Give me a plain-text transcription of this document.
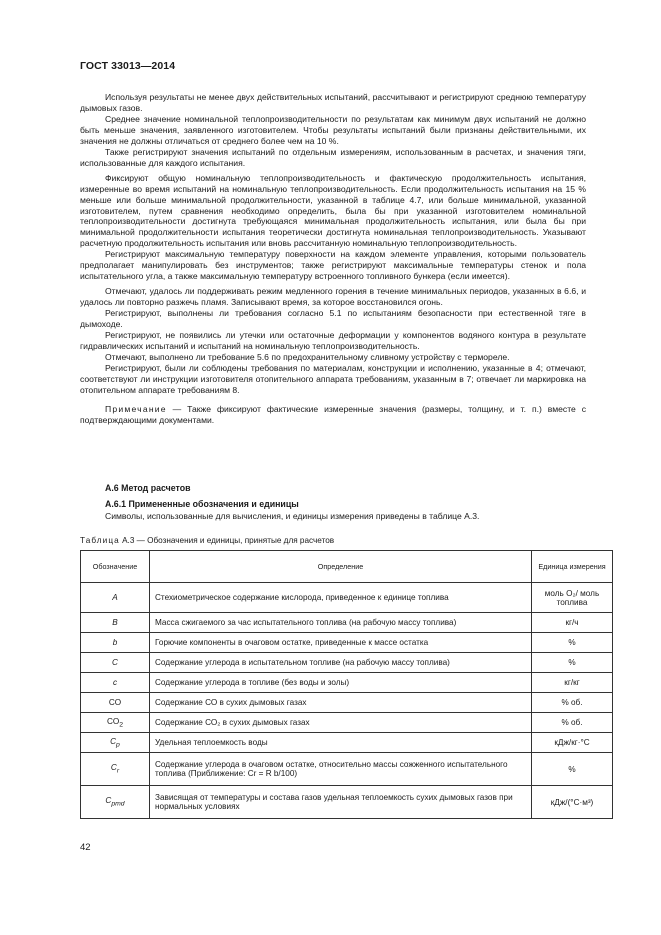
ГОСТ 33013—2014

Используя результаты не менее двух действительных испытаний, рассчитывают и регистрируют среднюю температуру дымовых газов.

Среднее значение номинальной теплопроизводительности по результатам как минимум двух испытаний не должно быть меньше значения, заявленного изготовителем. Чтобы результаты испытаний были признаны действительными, их значения не должны отличаться от среднего более чем на 10 %.

Также регистрируют значения испытаний по отдельным измерениям, использованным в расчетах, и значения тяги, использованные для каждого испытания.

Фиксируют общую номинальную теплопроизводительность и фактическую продолжительность испытания, измеренные во время испытаний на номинальную теплопроизводительность. Если продолжительность испытания на 15 % меньше или больше минимальной продолжительности, указанной в таблице 4.7, или больше минимальной, указанной изготовителем, путем сравнения необходимо определить, была бы при указанной изготовителем номинальной теплопроизводительности достигнута требующаяся минимальная продолжительность испытания, или была бы при минимальной продолжительности испытания теоретически достигнута номинальная теплопроизводительность. Указывают расчетную продолжительность испытания или вновь рассчитанную номинальную теплопроизводительность.

Регистрируют максимальную температуру поверхности на каждом элементе управления, которыми пользователь предполагает манипулировать без инструментов; также регистрируют максимальные температуры стенок и пола испытательного угла, а также максимальную температуру встроенного топливного бункера (если имеется).

Отмечают, удалось ли поддерживать режим медленного горения в течение минимальных периодов, указанных в 6.6, и удалось ли повторно разжечь пламя. Записывают время, за которое восстановился огонь.

Регистрируют, выполнены ли требования согласно 5.1 по испытаниям безопасности при естественной тяге в дымоходе.

Регистрируют, не появились ли утечки или остаточные деформации у компонентов водяного контура в результате гидравлических испытаний и испытаний на номинальную теплопроизводительность.

Отмечают, выполнено ли требование 5.6 по предохранительному сливному устройству с термореле.

Регистрируют, были ли соблюдены требования по материалам, конструкции и исполнению, указанные в 4; отмечают, соответствуют ли инструкции изготовителя отопительного аппарата требованиям, указанным в 7; отвечает ли маркировка на отопительном аппарате требованиям 8.

Примечание — Также фиксируют фактические измеренные значения (размеры, толщину, и т. п.) вместе с подтверждающими документами.

А.6 Метод расчетов
А.6.1 Примененные обозначения и единицы
Символы, использованные для вычисления, и единицы измерения приведены в таблице А.3.
Таблица А.3 — Обозначения и единицы, принятые для расчетов
Обозначение	Определение	Единица измерения
A	Стехиометрическое содержание кислорода, приведенное к единице топлива	моль О₂/ моль топлива
B	Масса сжигаемого за час испытательного топлива (на рабочую массу топлива)	кг/ч
b	Горючие компоненты в очаговом остатке, приведенные к массе остатка	%
C	Содержание углерода в испытательном топливе (на рабочую массу топлива)	%
c	Содержание углерода в топливе (без воды и золы)	кг/кг
CO	Содержание СО в сухих дымовых газах	% об.
$CO_2$	Содержание СО₂ в сухих дымовых газах	% об.
$C_p$	Удельная теплоемкость воды	кДж/кг·°С
$C_r$	Содержание углерода в очаговом остатке, относительно массы сожженного испытательного топлива (Приближение: Cr = R b/100)	%
$C_{pmd}$	Зависящая от температуры и состава газов удельная теплоемкость сухих дымовых газов при нормальных условиях	кДж/(°С·м³)
42
